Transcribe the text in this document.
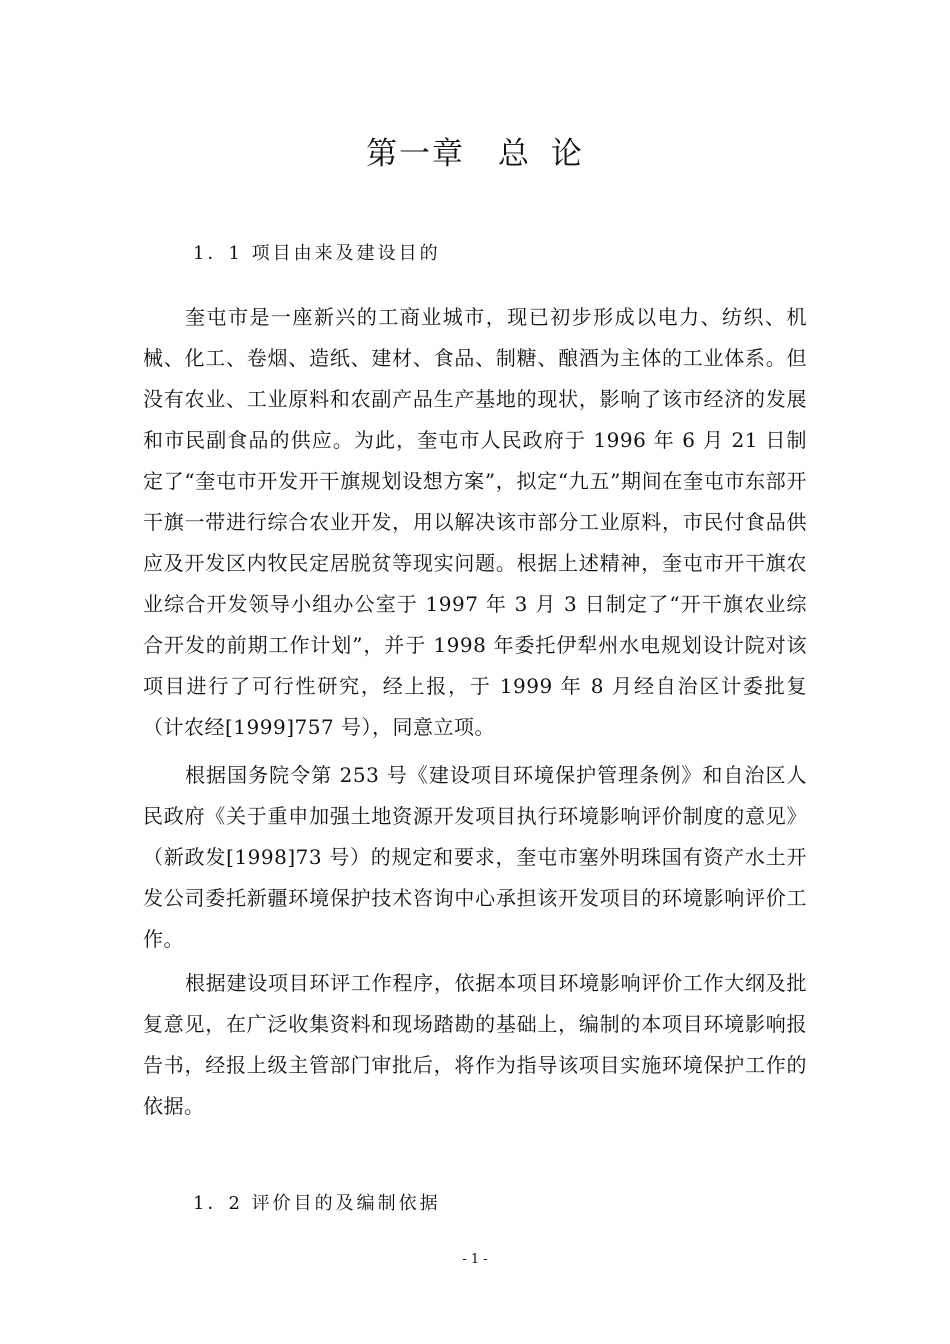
第一章　总 论
1．1 项目由来及建设目的

奎屯市是一座新兴的工商业城市，现已初步形成以电力、纺织、机械、化工、卷烟、造纸、建材、食品、制糖、酿酒为主体的工业体系。但没有农业、工业原料和农副产品生产基地的现状，影响了该市经济的发展和市民副食品的供应。为此，奎屯市人民政府于 1996 年 6 月 21 日制定了“奎屯市开发开干旗规划设想方案”，拟定“九五”期间在奎屯市东部开干旗一带进行综合农业开发，用以解决该市部分工业原料，市民付食品供应及开发区内牧民定居脱贫等现实问题。根据上述精神，奎屯市开干旗农业综合开发领导小组办公室于 1997 年 3 月 3 日制定了“开干旗农业综合开发的前期工作计划”，并于 1998 年委托伊犁州水电规划设计院对该项目进行了可行性研究，经上报，于 1999 年 8 月经自治区计委批复（计农经[1999]757 号），同意立项。

根据国务院令第 253 号《建设项目环境保护管理条例》和自治区人民政府《关于重申加强土地资源开发项目执行环境影响评价制度的意见》（新政发[1998]73 号）的规定和要求，奎屯市塞外明珠国有资产水土开发公司委托新疆环境保护技术咨询中心承担该开发项目的环境影响评价工作。

根据建设项目环评工作程序，依据本项目环境影响评价工作大纲及批复意见，在广泛收集资料和现场踏勘的基础上，编制的本项目环境影响报告书，经报上级主管部门审批后，将作为指导该项目实施环境保护工作的依据。

1．2 评价目的及编制依据
- 1 -
